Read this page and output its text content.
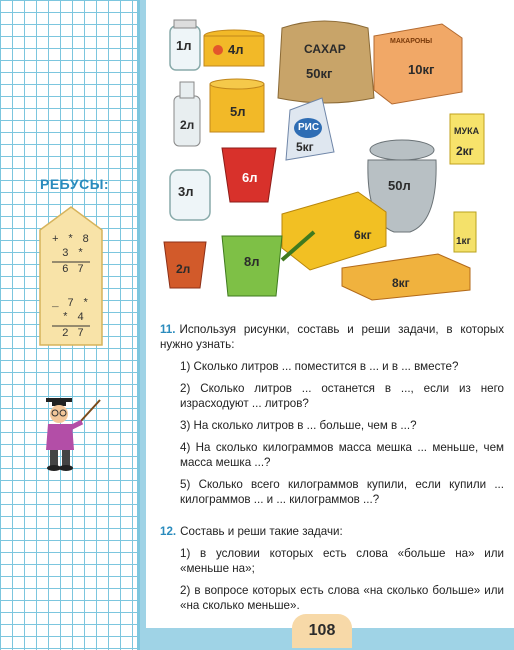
РЕБУСЫ:
+ * 8
3 *
6 7
_ 7 *
* 4
2 7
1л	4л	САХАР
50кг
МАКАРОНЫ
10кг
2л
5л
РИС
5кг
МУКА
2кг
3л
6л
50л
6кг	1кг
2л	8л
8кг

11. Используя рисунки, составь и реши задачи, в которых нужно узнать:

1) Сколько литров ... поместится в ... и в ... вместе?

2) Сколько литров ... останется в ..., если из него израсходуют ... литров?

3) На сколько литров в ... больше, чем в ...?

4) На сколько килограммов масса мешка ... меньше, чем масса мешка ...?

5) Сколько всего килограммов купили, если купили ... килограммов ... и ... килограммов ...?

12. Составь и реши такие задачи:

1) в условии которых есть слова «больше на» или «меньше на»;

2) в вопросе которых есть слова «на сколько больше» или «на сколько меньше».

108
